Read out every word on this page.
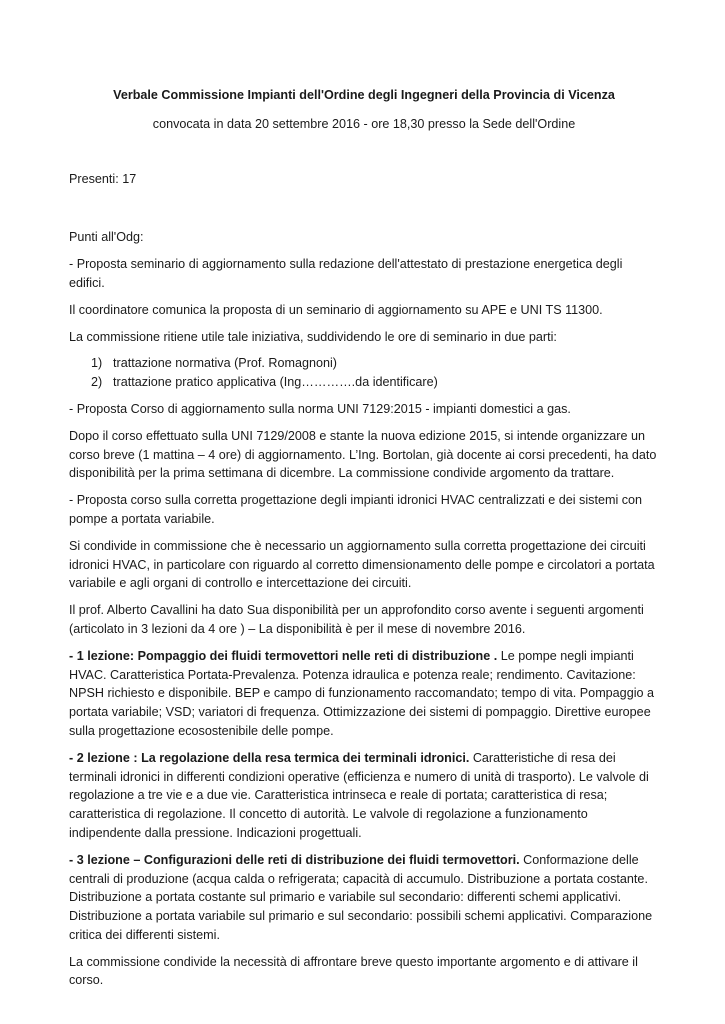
Verbale Commissione Impianti dell'Ordine degli Ingegneri della Provincia di Vicenza

convocata in data 20 settembre 2016 - ore 18,30 presso la Sede dell'Ordine

Presenti: 17

Punti all'Odg:

- Proposta seminario di aggiornamento sulla redazione dell'attestato di prestazione energetica degli edifici.

Il coordinatore comunica la proposta di un seminario di aggiornamento su APE e UNI TS 11300.

La commissione ritiene utile tale iniziativa, suddividendo le ore di seminario in due parti:

1) trattazione normativa (Prof. Romagnoni)
2) trattazione pratico applicativa (Ing………….da identificare)

- Proposta Corso di aggiornamento sulla norma UNI 7129:2015 - impianti domestici a gas.

Dopo il corso effettuato sulla UNI 7129/2008 e stante la nuova edizione 2015, si intende organizzare un corso breve (1 mattina – 4 ore) di aggiornamento. L’Ing. Bortolan, già docente ai corsi precedenti, ha dato disponibilità per la prima settimana di dicembre. La commissione condivide argomento da trattare.

- Proposta corso sulla corretta progettazione degli impianti idronici HVAC centralizzati e dei sistemi con pompe a portata variabile.

Si condivide in commissione che è necessario un aggiornamento sulla corretta progettazione dei circuiti idronici HVAC, in particolare con riguardo al corretto dimensionamento delle pompe e circolatori a portata variabile e agli organi di controllo e intercettazione dei circuiti.

Il prof. Alberto Cavallini ha dato Sua disponibilità per un approfondito corso avente i seguenti argomenti (articolato in 3 lezioni da 4 ore ) – La disponibilità è per il mese di novembre 2016.

- 1 lezione: Pompaggio dei fluidi termovettori nelle reti di distribuzione . Le pompe negli impianti HVAC. Caratteristica Portata-Prevalenza. Potenza idraulica e potenza reale; rendimento. Cavitazione: NPSH richiesto e disponibile. BEP e campo di funzionamento raccomandato; tempo di vita. Pompaggio a portata variabile; VSD; variatori di frequenza. Ottimizzazione dei sistemi di pompaggio. Direttive europee sulla progettazione ecosostenibile delle pompe.

- 2 lezione : La regolazione della resa termica dei terminali idronici. Caratteristiche di resa dei terminali idronici in differenti condizioni operative (efficienza e numero di unità di trasporto). Le valvole di regolazione a tre vie e a due vie. Caratteristica intrinseca e reale di portata; caratteristica di resa; caratteristica di regolazione. Il concetto di autorità. Le valvole di regolazione a funzionamento indipendente dalla pressione. Indicazioni progettuali.

- 3 lezione – Configurazioni delle reti di distribuzione dei fluidi termovettori. Conformazione delle centrali di produzione (acqua calda o refrigerata; capacità di accumulo. Distribuzione a portata costante. Distribuzione a portata costante sul primario e variabile sul secondario: differenti schemi applicativi. Distribuzione a portata variabile sul primario e sul secondario: possibili schemi applicativi. Comparazione critica dei differenti sistemi.

La commissione condivide la necessità di affrontare breve questo importante argomento e di attivare il corso.
